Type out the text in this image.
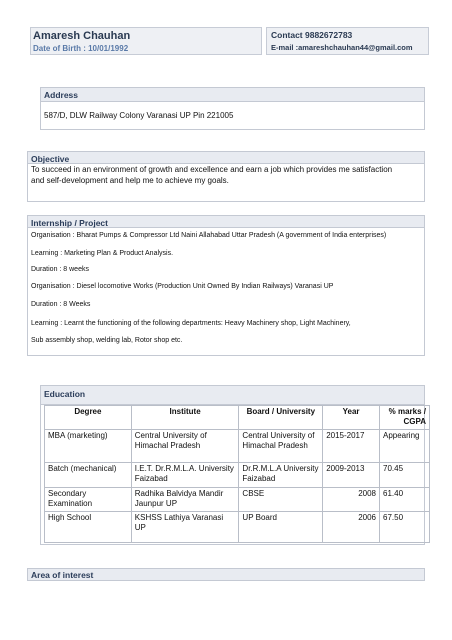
Amaresh Chauhan
Date of Birth : 10/01/1992
Contact 9882672783
E-mail :amareshchauhan44@gmail.com
Address
587/D, DLW Railway Colony Varanasi UP Pin 221005
Objective
To succeed in an environment of growth and excellence and earn a job which provides me satisfaction
and self-development and help me to achieve my goals.
Internship / Project
Organisation : Bharat Pumps & Compressor Ltd Naini Allahabad Uttar Pradesh (A government of India enterprises)
Learning : Marketing Plan & Product Analysis.
Duration : 8 weeks
Organisation : Diesel locomotive Works (Production Unit Owned By Indian Railways) Varanasi UP
Duration : 8 Weeks
Learning : Learnt the functioning of the following departments: Heavy Machinery shop, Light Machinery,
Sub assembly shop, welding lab, Rotor shop etc.
Education
Degree	Institute	Board / University	Year	% marks / CGPA
MBA (marketing)	Central University of Himachal Pradesh	Central University of Himachal Pradesh	2015-2017	Appearing
Batch (mechanical)	I.E.T. Dr.R.M.L.A. University Faizabad	Dr.R.M.L.A University Faizabad	2009-2013	70.45
Secondary Examination	Radhika Balvidya Mandir Jaunpur UP	CBSE	2008	61.40
High School	KSHSS Lathiya Varanasi UP	UP Board	2006	67.50
Area of interest
